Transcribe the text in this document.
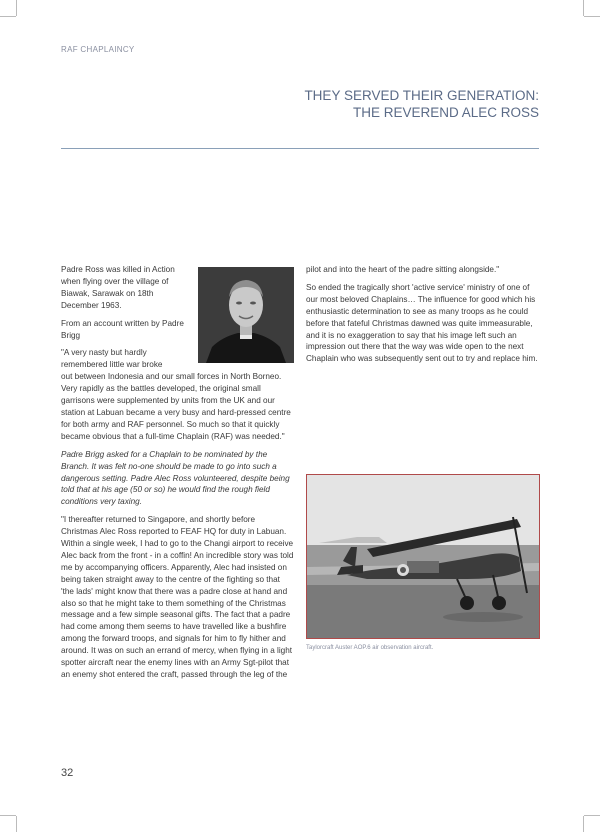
RAF CHAPLAINCY
THEY SERVED THEIR GENERATION:
THE REVEREND ALEC ROSS

Padre Ross was killed in Action when flying over the village of Biawak, Sarawak on 18th December 1963.

From an account written by Padre Brigg

"A very nasty but hardly remembered little war broke

out between Indonesia and our small forces in North Borneo. Very rapidly as the battles developed, the original small garrisons were supplemented by units from the UK and our station at Labuan became a very busy and hard-pressed centre for both army and RAF personnel. So much so that it quickly became obvious that a full-time Chaplain (RAF) was needed."

Padre Brigg asked for a Chaplain to be nominated by the Branch. It was felt no-one should be made to go into such a dangerous setting. Padre Alec Ross volunteered, despite being told that at his age (50 or so) he would find the rough field conditions very taxing.

"I thereafter returned to Singapore, and shortly before Christmas Alec Ross reported to FEAF HQ for duty in Labuan. Within a single week, I had to go to the Changi airport to receive Alec back from the front - in a coffin! An incredible story was told me by accompanying officers. Apparently, Alec had insisted on being taken straight away to the centre of the fighting so that 'the lads' might know that there was a padre close at hand and also so that he might take to them something of the Christmas message and a few simple seasonal gifts. The fact that a padre had come among them seems to have travelled like a bushfire among the forward troops, and signals for him to fly hither and around. It was on such an errand of mercy, when flying in a light spotter aircraft near the enemy lines with an Army Sgt-pilot that an enemy shot entered the craft, passed through the leg of the

pilot and into the heart of the padre sitting alongside."

So ended the tragically short 'active service' ministry of one of our most beloved Chaplains… The influence for good which his enthusiastic determination to see as many troops as he could before that fateful Christmas dawned was quite immeasurable, and it is no exaggeration to say that his image left such an impression out there that the way was wide open to the next Chaplain who was subsequently sent out to try and replace him.

Taylorcraft Auster AOP.6 air observation aircraft.
32
